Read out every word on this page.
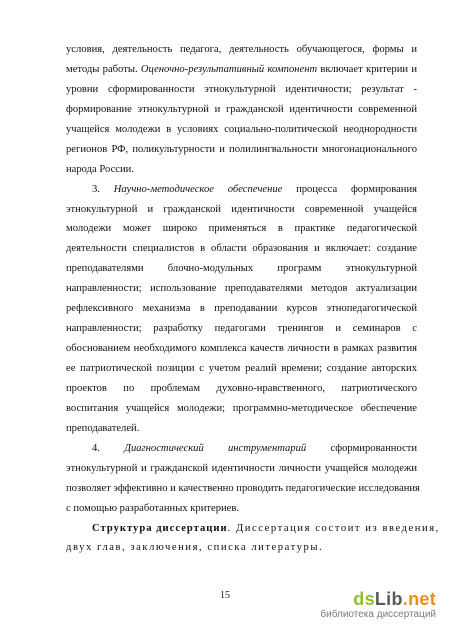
условия, деятельность педагога, деятельность обучающегося, формы и
методы работы. Оценочно-результативный компонент включает критерии и
уровни сформированности этнокультурной идентичности; результат -
формирование этнокультурной и гражданской идентичности современной
учащейся молодежи в условиях социально-политической неоднородности
регионов РФ, поликультурности и полилингвальности многонационального
народа России.
3. Научно-методическое обеспечение процесса формирования
этнокультурной и гражданской идентичности современной учащейся
молодежи может широко применяться в практике педагогической
деятельности специалистов в области образования и включает: создание
преподавателями блочно-модульных программ этнокультурной
направленности; использование преподавателями методов актуализации
рефлексивного механизма в преподавании курсов этнопедагогической
направленности; разработку педагогами тренингов и семинаров с
обоснованием необходимого комплекса качеств личности в рамках развития
ее патриотической позиции с учетом реалий времени; создание авторских
проектов по проблемам духовно-нравственного, патриотического
воспитания учащейся молодежи; программно-методическое обеспечение
преподавателей.
4. Диагностический инструментарий сформированности
этнокультурной и гражданской идентичности личности учащейся молодежи
позволяет эффективно и качественно проводить педагогические исследования
с помощью разработанных критериев.
Структура диссертации. Диссертация состоит из введения,
двух глав, заключения, списка литературы.
15	dsLib.net
библиотека диссертаций
